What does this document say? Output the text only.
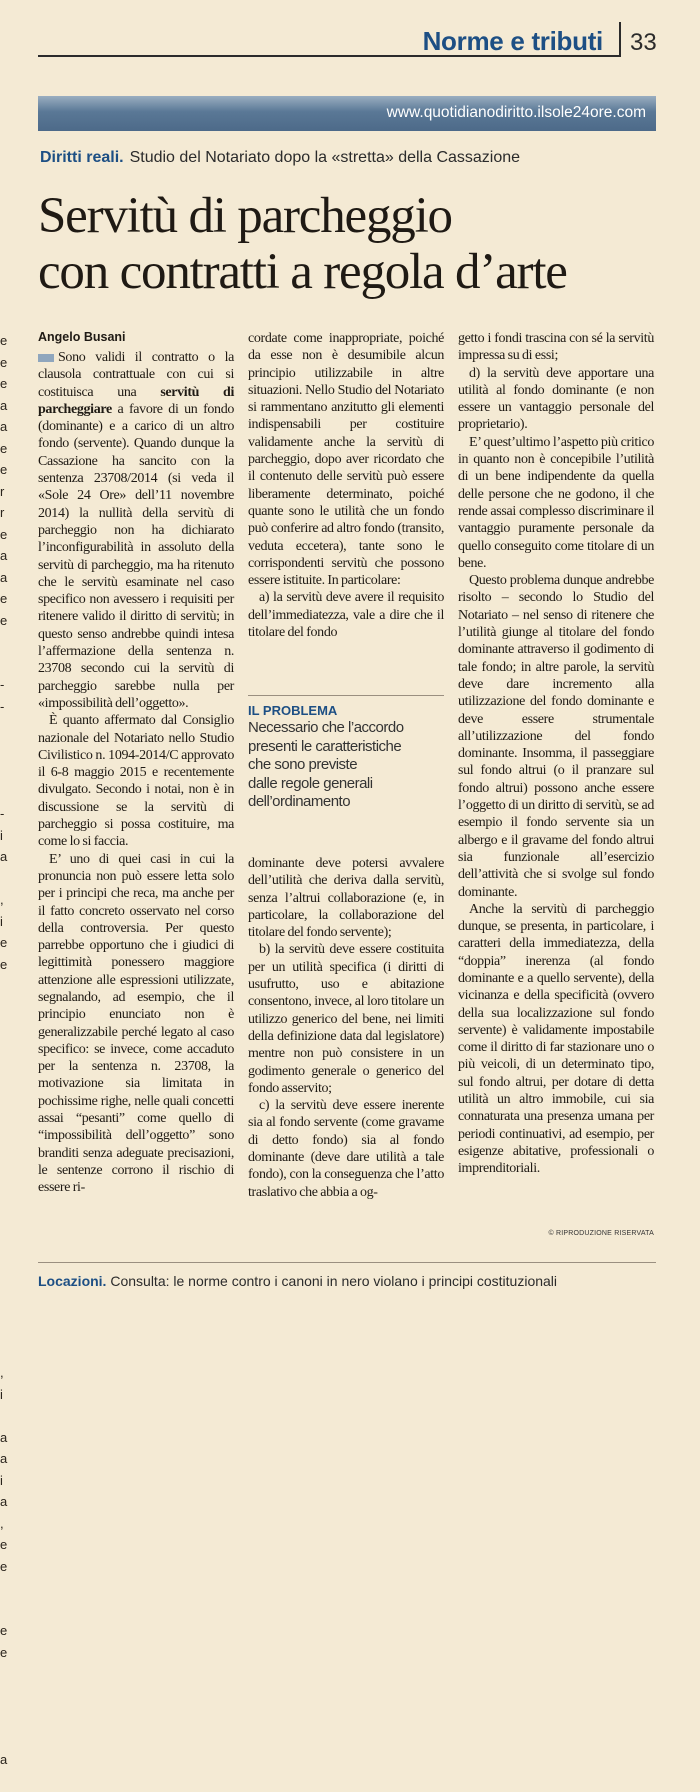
e
e
e
a
a
e
e
r
r
e
a
a
e
e
-
-
-
i
a
,
i
e
e
,
i
a
a
i
a
,
e
e
e
e
a
Norme e tributi 33
www.quotidianodiritto.ilsole24ore.com
Diritti reali. Studio del Notariato dopo la «stretta» della Cassazione
Servitù di parcheggio
con contratti a regola d’arte
Angelo Busani

Sono validi il contratto o la clausola contrattuale con cui si costituisca una servitù di parcheggiare a favore di un fondo (dominante) e a carico di un altro fondo (servente). Quando dunque la Cassazione ha sancito con la sentenza 23708/2014 (si veda il «Sole 24 Ore» dell’11 novembre 2014) la nullità della servitù di parcheggio non ha dichiarato l’inconfigurabilità in assoluto della servitù di parcheggio, ma ha ritenuto che le servitù esaminate nel caso specifico non avessero i requisiti per ritenere valido il diritto di servitù; in questo senso andrebbe quindi intesa l’affermazione della sentenza n. 23708 secondo cui la servitù di parcheggio sarebbe nulla per «impossibilità dell’oggetto».

È quanto affermato dal Consiglio nazionale del Notariato nello Studio Civilistico n. 1094-2014/C approvato il 6-8 maggio 2015 e recentemente divulgato. Secondo i notai, non è in discussione se la servitù di parcheggio si possa costituire, ma come lo si faccia.

E’ uno di quei casi in cui la pronuncia non può essere letta solo per i principi che reca, ma anche per il fatto concreto osservato nel corso della controversia. Per questo parrebbe opportuno che i giudici di legittimità ponessero maggiore attenzione alle espressioni utilizzate, segnalando, ad esempio, che il principio enunciato non è generalizzabile perché legato al caso specifico: se invece, come accaduto per la sentenza n. 23708, la motivazione sia limitata in pochissime righe, nelle quali concetti assai “pesanti” come quello di “impossibilità dell’oggetto” sono branditi senza adeguate precisazioni, le sentenze corrono il rischio di essere ri-

cordate come inappropriate, poiché da esse non è desumibile alcun principio utilizzabile in altre situazioni. Nello Studio del Notariato si rammentano anzitutto gli elementi indispensabili per costituire validamente anche la servitù di parcheggio, dopo aver ricordato che il contenuto delle servitù può essere liberamente determinato, poiché quante sono le utilità che un fondo può conferire ad altro fondo (transito, veduta eccetera), tante sono le corrispondenti servitù che possono essere istituite. In particolare:

a) la servitù deve avere il requisito dell’immediatezza, vale a dire che il titolare del fondo

IL PROBLEMA
Necessario che l’accordo
presenti le caratteristiche
che sono previste
dalle regole generali
dell’ordinamento

dominante deve potersi avvalere dell’utilità che deriva dalla servitù, senza l’altrui collaborazione (e, in particolare, la collaborazione del titolare del fondo servente);

b) la servitù deve essere costituita per un utilità specifica (i diritti di usufrutto, uso e abitazione consentono, invece, al loro titolare un utilizzo generico del bene, nei limiti della definizione data dal legislatore) mentre non può consistere in un godimento generale o generico del fondo asservito;

c) la servitù deve essere inerente sia al fondo servente (come gravame di detto fondo) sia al fondo dominante (deve dare utilità a tale fondo), con la conseguenza che l’atto traslativo che abbia a og-

getto i fondi trascina con sé la servitù impressa su di essi;

d) la servitù deve apportare una utilità al fondo dominante (e non essere un vantaggio personale del proprietario).

E’ quest’ultimo l’aspetto più critico in quanto non è concepibile l’utilità di un bene indipendente da quella delle persone che ne godono, il che rende assai complesso discriminare il vantaggio puramente personale da quello conseguito come titolare di un bene.

Questo problema dunque andrebbe risolto – secondo lo Studio del Notariato – nel senso di ritenere che l’utilità giunge al titolare del fondo dominante attraverso il godimento di tale fondo; in altre parole, la servitù deve dare incremento alla utilizzazione del fondo dominante e deve essere strumentale all’utilizzazione del fondo dominante. Insomma, il passeggiare sul fondo altrui (o il pranzare sul fondo altrui) possono anche essere l’oggetto di un diritto di servitù, se ad esempio il fondo servente sia un albergo e il gravame del fondo altrui sia funzionale all’esercizio dell’attività che si svolge sul fondo dominante.

Anche la servitù di parcheggio dunque, se presenta, in particolare, i caratteri della immediatezza, della “doppia” inerenza (al fondo dominante e a quello servente), della vicinanza e della specificità (ovvero della sua localizzazione sul fondo servente) è validamente impostabile come il diritto di far stazionare uno o più veicoli, di un determinato tipo, sul fondo altrui, per dotare di detta utilità un altro immobile, cui sia connaturata una presenza umana per periodi continuativi, ad esempio, per esigenze abitative, professionali o imprenditoriali.

© RIPRODUZIONE RISERVATA
Locazioni. Consulta: le norme contro i canoni in nero violano i principi costituzionali
